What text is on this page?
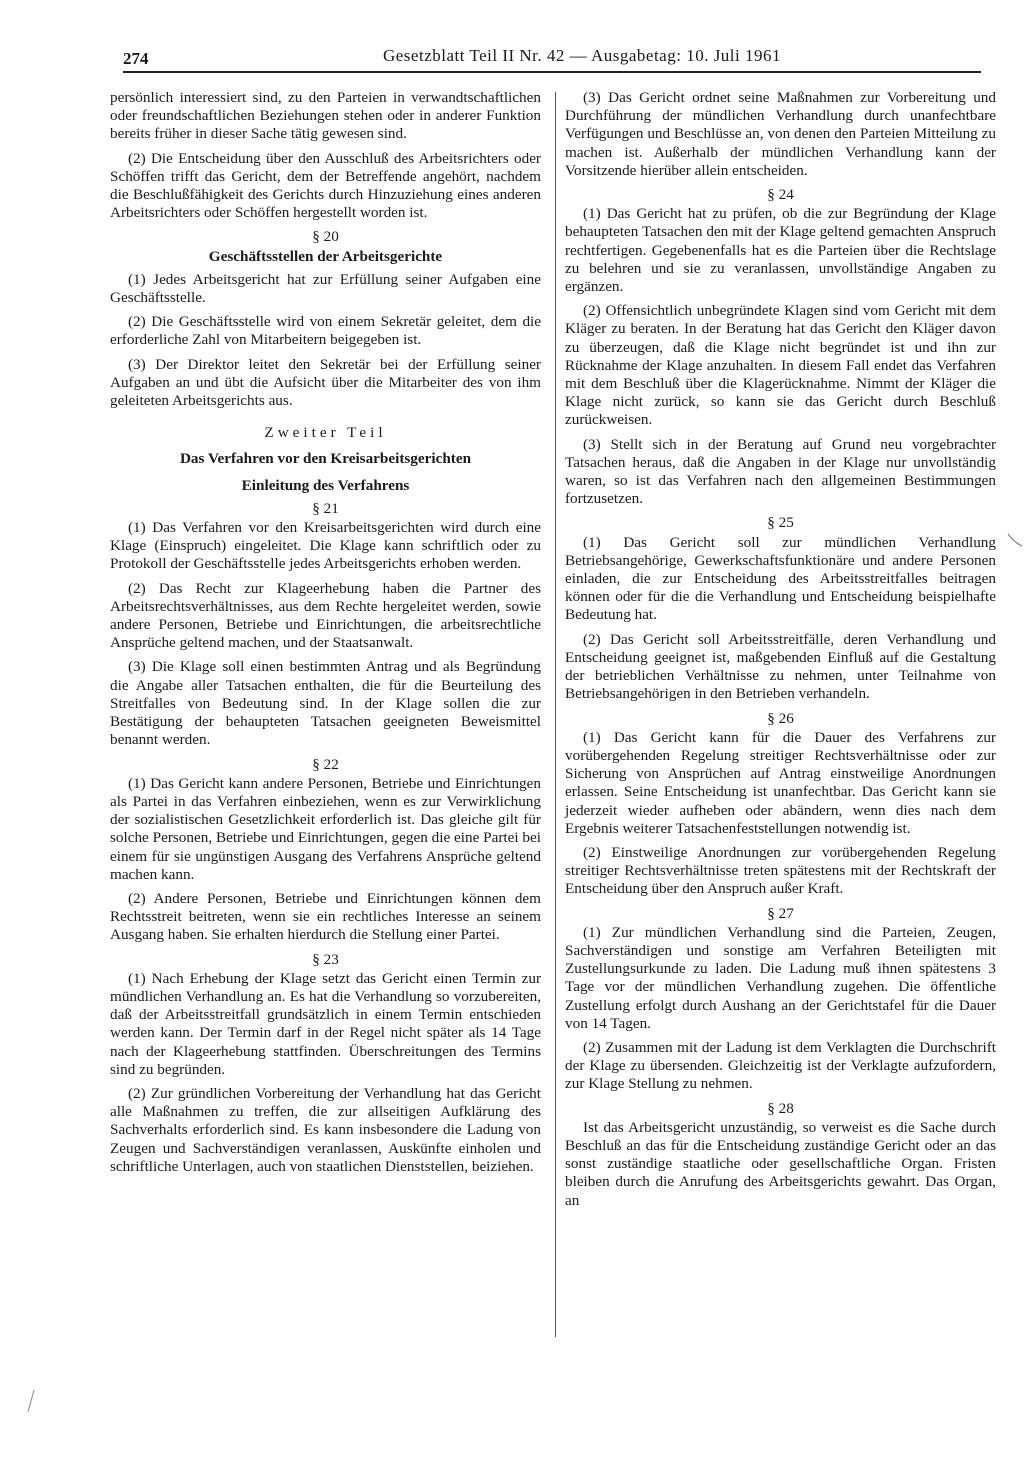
274	Gesetzblatt Teil II Nr. 42 — Ausgabetag: 10. Juli 1961

persönlich interessiert sind, zu den Parteien in verwandtschaftlichen oder freundschaftlichen Beziehungen stehen oder in anderer Funktion bereits früher in dieser Sache tätig gewesen sind.

(2) Die Entscheidung über den Ausschluß des Arbeitsrichters oder Schöffen trifft das Gericht, dem der Betreffende angehört, nachdem die Beschlußfähigkeit des Gerichts durch Hinzuziehung eines anderen Arbeitsrichters oder Schöffen hergestellt worden ist.

§ 20
Geschäftsstellen der Arbeitsgerichte

(1) Jedes Arbeitsgericht hat zur Erfüllung seiner Aufgaben eine Geschäftsstelle.

(2) Die Geschäftsstelle wird von einem Sekretär geleitet, dem die erforderliche Zahl von Mitarbeitern beigegeben ist.

(3) Der Direktor leitet den Sekretär bei der Erfüllung seiner Aufgaben an und übt die Aufsicht über die Mitarbeiter des von ihm geleiteten Arbeitsgerichts aus.

Zweiter Teil
Das Verfahren vor den Kreisarbeitsgerichten
Einleitung des Verfahrens
§ 21

(1) Das Verfahren vor den Kreisarbeitsgerichten wird durch eine Klage (Einspruch) eingeleitet. Die Klage kann schriftlich oder zu Protokoll der Geschäftsstelle jedes Arbeitsgerichts erhoben werden.

(2) Das Recht zur Klageerhebung haben die Partner des Arbeitsrechtsverhältnisses, aus dem Rechte hergeleitet werden, sowie andere Personen, Betriebe und Einrichtungen, die arbeitsrechtliche Ansprüche geltend machen, und der Staatsanwalt.

(3) Die Klage soll einen bestimmten Antrag und als Begründung die Angabe aller Tatsachen enthalten, die für die Beurteilung des Streitfalles von Bedeutung sind. In der Klage sollen die zur Bestätigung der behaupteten Tatsachen geeigneten Beweismittel benannt werden.

§ 22

(1) Das Gericht kann andere Personen, Betriebe und Einrichtungen als Partei in das Verfahren einbeziehen, wenn es zur Verwirklichung der sozialistischen Gesetzlichkeit erforderlich ist. Das gleiche gilt für solche Personen, Betriebe und Einrichtungen, gegen die eine Partei bei einem für sie ungünstigen Ausgang des Verfahrens Ansprüche geltend machen kann.

(2) Andere Personen, Betriebe und Einrichtungen können dem Rechtsstreit beitreten, wenn sie ein rechtliches Interesse an seinem Ausgang haben. Sie erhalten hierdurch die Stellung einer Partei.

§ 23

(1) Nach Erhebung der Klage setzt das Gericht einen Termin zur mündlichen Verhandlung an. Es hat die Verhandlung so vorzubereiten, daß der Arbeitsstreitfall grundsätzlich in einem Termin entschieden werden kann. Der Termin darf in der Regel nicht später als 14 Tage nach der Klageerhebung stattfinden. Überschreitungen des Termins sind zu begründen.

(2) Zur gründlichen Vorbereitung der Verhandlung hat das Gericht alle Maßnahmen zu treffen, die zur allseitigen Aufklärung des Sachverhalts erforderlich sind. Es kann insbesondere die Ladung von Zeugen und Sachverständigen veranlassen, Auskünfte einholen und schriftliche Unterlagen, auch von staatlichen Dienststellen, beiziehen.

(3) Das Gericht ordnet seine Maßnahmen zur Vorbereitung und Durchführung der mündlichen Verhandlung durch unanfechtbare Verfügungen und Beschlüsse an, von denen den Parteien Mitteilung zu machen ist. Außerhalb der mündlichen Verhandlung kann der Vorsitzende hierüber allein entscheiden.

§ 24

(1) Das Gericht hat zu prüfen, ob die zur Begründung der Klage behaupteten Tatsachen den mit der Klage geltend gemachten Anspruch rechtfertigen. Gegebenenfalls hat es die Parteien über die Rechtslage zu belehren und sie zu veranlassen, unvollständige Angaben zu ergänzen.

(2) Offensichtlich unbegründete Klagen sind vom Gericht mit dem Kläger zu beraten. In der Beratung hat das Gericht den Kläger davon zu überzeugen, daß die Klage nicht begründet ist und ihn zur Rücknahme der Klage anzuhalten. In diesem Fall endet das Verfahren mit dem Beschluß über die Klagerücknahme. Nimmt der Kläger die Klage nicht zurück, so kann sie das Gericht durch Beschluß zurückweisen.

(3) Stellt sich in der Beratung auf Grund neu vorgebrachter Tatsachen heraus, daß die Angaben in der Klage nur unvollständig waren, so ist das Verfahren nach den allgemeinen Bestimmungen fortzusetzen.

§ 25

(1) Das Gericht soll zur mündlichen Verhandlung Betriebsangehörige, Gewerkschaftsfunktionäre und andere Personen einladen, die zur Entscheidung des Arbeitsstreitfalles beitragen können oder für die die Verhandlung und Entscheidung beispielhafte Bedeutung hat.

(2) Das Gericht soll Arbeitsstreitfälle, deren Verhandlung und Entscheidung geeignet ist, maßgebenden Einfluß auf die Gestaltung der betrieblichen Verhältnisse zu nehmen, unter Teilnahme von Betriebsangehörigen in den Betrieben verhandeln.

§ 26

(1) Das Gericht kann für die Dauer des Verfahrens zur vorübergehenden Regelung streitiger Rechtsverhältnisse oder zur Sicherung von Ansprüchen auf Antrag einstweilige Anordnungen erlassen. Seine Entscheidung ist unanfechtbar. Das Gericht kann sie jederzeit wieder aufheben oder abändern, wenn dies nach dem Ergebnis weiterer Tatsachenfeststellungen notwendig ist.

(2) Einstweilige Anordnungen zur vorübergehenden Regelung streitiger Rechtsverhältnisse treten spätestens mit der Rechtskraft der Entscheidung über den Anspruch außer Kraft.

§ 27

(1) Zur mündlichen Verhandlung sind die Parteien, Zeugen, Sachverständigen und sonstige am Verfahren Beteiligten mit Zustellungsurkunde zu laden. Die Ladung muß ihnen spätestens 3 Tage vor der mündlichen Verhandlung zugehen. Die öffentliche Zustellung erfolgt durch Aushang an der Gerichtstafel für die Dauer von 14 Tagen.

(2) Zusammen mit der Ladung ist dem Verklagten die Durchschrift der Klage zu übersenden. Gleichzeitig ist der Verklagte aufzufordern, zur Klage Stellung zu nehmen.

§ 28

Ist das Arbeitsgericht unzuständig, so verweist es die Sache durch Beschluß an das für die Entscheidung zuständige Gericht oder an das sonst zuständige staatliche oder gesellschaftliche Organ. Fristen bleiben durch die Anrufung des Arbeitsgerichts gewahrt. Das Organ, an
